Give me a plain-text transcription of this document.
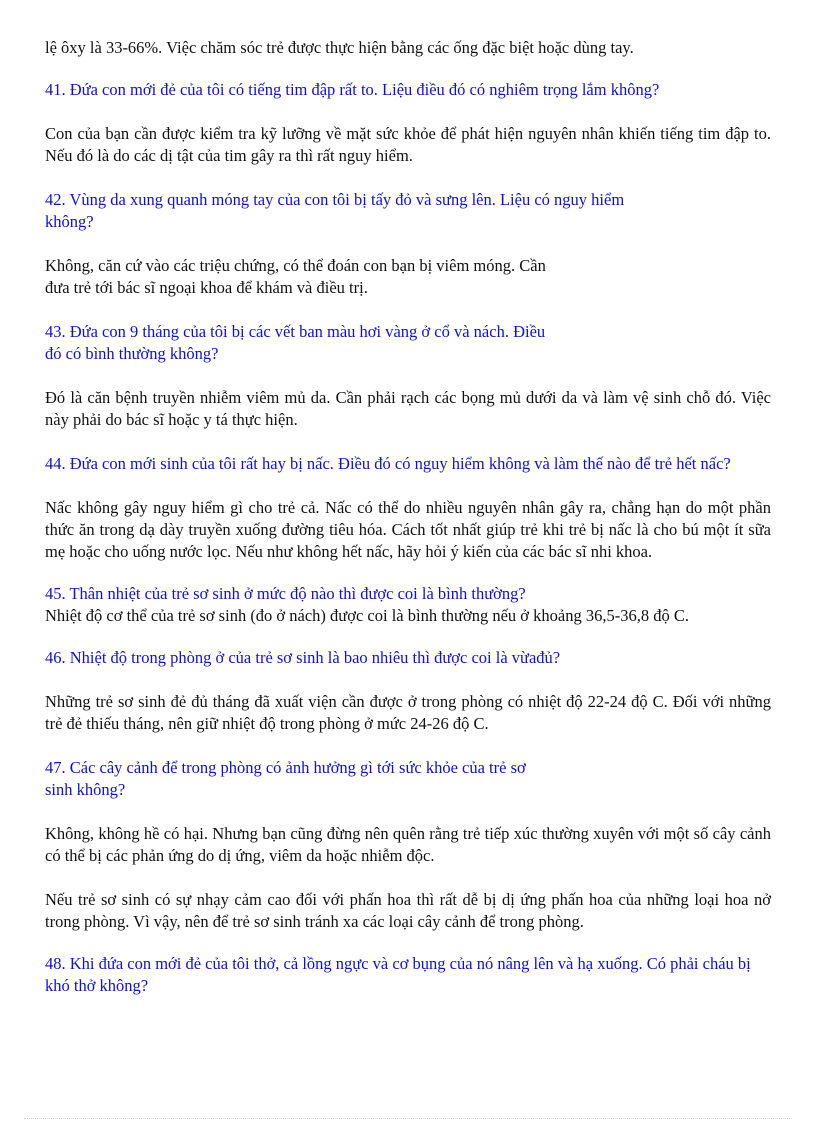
lệ ôxy là 33-66%. Việc chăm sóc trẻ được thực hiện bằng các ống đặc biệt hoặc dùng tay.

41. Đứa con mới đẻ của tôi có tiếng tim đập rất to. Liệu điều đó có nghiêm trọng lắm không?

Con của bạn cần được kiểm tra kỹ lưỡng về mặt sức khỏe để phát hiện nguyên nhân khiến tiếng tim đập to. Nếu đó là do các dị tật của tim gây ra thì rất nguy hiểm.

42. Vùng da xung quanh móng tay của con tôi bị tấy đỏ và sưng lên. Liệu có nguy hiểm
không?
Không, căn cứ vào các triệu chứng, có thể đoán con bạn bị viêm móng. Cần
đưa trẻ tới bác sĩ ngoại khoa để khám và điều trị.
43. Đứa con 9 tháng của tôi bị các vết ban màu hơi vàng ở cổ và nách. Điều
đó có bình thường không?

Đó là căn bệnh truyền nhiễm viêm mủ da. Cần phải rạch các bọng mủ dưới da và làm vệ sinh chỗ đó. Việc này phải do bác sĩ hoặc y tá thực hiện.

44. Đứa con mới sinh của tôi rất hay bị nấc. Điều đó có nguy hiểm không và làm thế nào để trẻ hết nấc?

Nấc không gây nguy hiểm gì cho trẻ cả. Nấc có thể do nhiều nguyên nhân gây ra, chẳng hạn do một phần thức ăn trong dạ dày truyền xuống đường tiêu hóa. Cách tốt nhất giúp trẻ khi trẻ bị nấc là cho bú một ít sữa mẹ hoặc cho uống nước lọc. Nếu như không hết nấc, hãy hỏi ý kiến của các bác sĩ nhi khoa.

45. Thân nhiệt của trẻ sơ sinh ở mức độ nào thì được coi là bình thường?

Nhiệt độ cơ thể của trẻ sơ sinh (đo ở nách) được coi là bình thường nếu ở khoảng 36,5-36,8 độ C.

46. Nhiệt độ trong phòng ở của trẻ sơ sinh là bao nhiêu thì được coi là vừađủ?

Những trẻ sơ sinh đẻ đủ tháng đã xuất viện cần được ở trong phòng có nhiệt độ 22-24 độ C. Đối với những trẻ đẻ thiếu tháng, nên giữ nhiệt độ trong phòng ở mức 24-26 độ C.

47. Các cây cảnh để trong phòng có ảnh hưởng gì tới sức khỏe của trẻ sơ
sinh không?

Không, không hề có hại. Nhưng bạn cũng đừng nên quên rằng trẻ tiếp xúc thường xuyên với một số cây cảnh có thể bị các phản ứng do dị ứng, viêm da hoặc nhiễm độc.

Nếu trẻ sơ sinh có sự nhạy cảm cao đối với phấn hoa thì rất dễ bị dị ứng phấn hoa của những loại hoa nở trong phòng. Vì vậy, nên để trẻ sơ sinh tránh xa các loại cây cảnh để trong phòng.

48. Khi đứa con mới đẻ của tôi thở, cả lồng ngực và cơ bụng của nó nâng lên và hạ xuống. Có phải cháu bị khó thở không?
